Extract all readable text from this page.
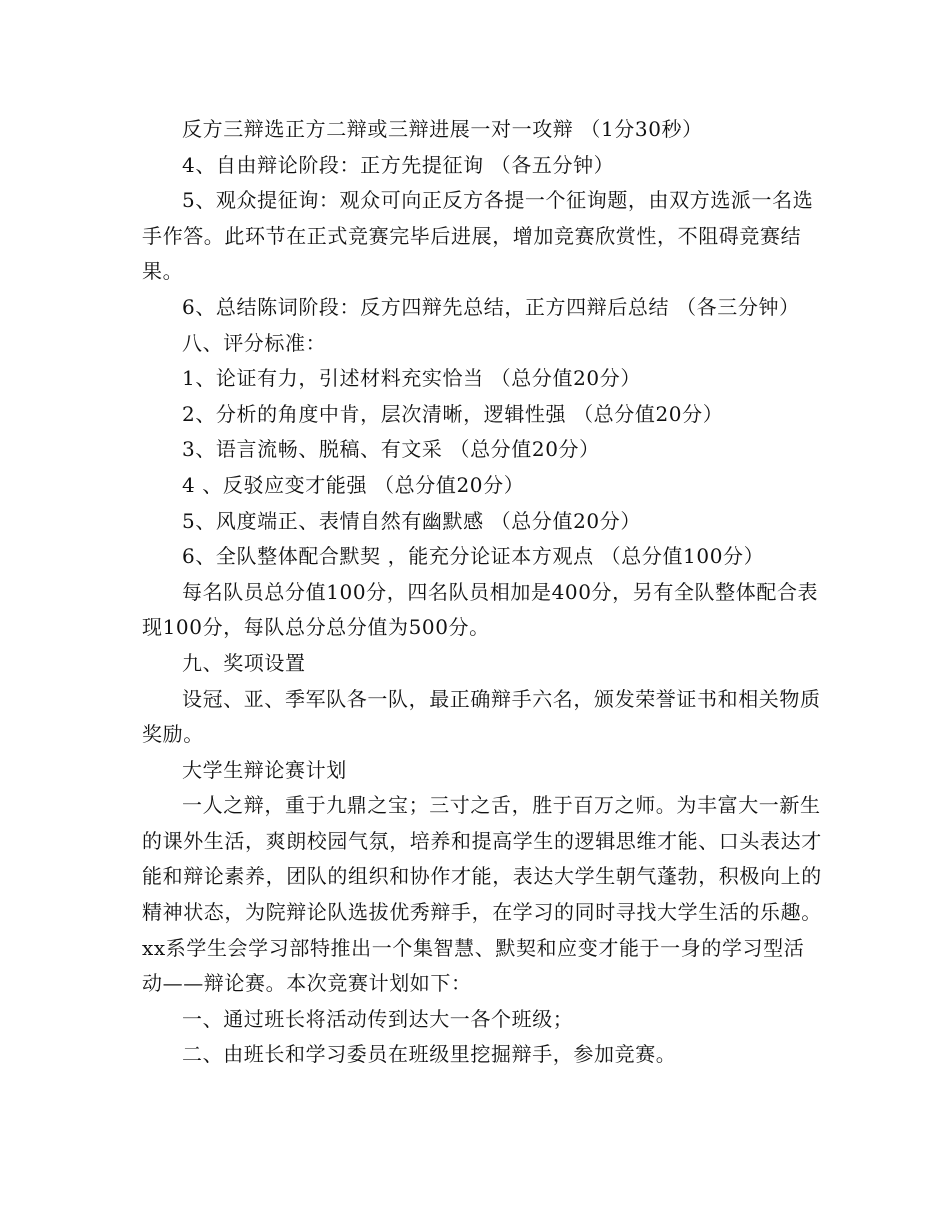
反方三辩选正方二辩或三辩进展一对一攻辩 （1分30秒）

4、自由辩论阶段：正方先提征询 （各五分钟）

5、观众提征询：观众可向正反方各提一个征询题，由双方选派一名选手作答。此环节在正式竞赛完毕后进展，增加竞赛欣赏性，不阻碍竞赛结果。

6、总结陈词阶段：反方四辩先总结，正方四辩后总结 （各三分钟）

八、评分标准：

1、论证有力，引述材料充实恰当 （总分值20分）

2、分析的角度中肯，层次清晰，逻辑性强 （总分值20分）

3、语言流畅、脱稿、有文采 （总分值20分）

4 、反驳应变才能强 （总分值20分）

5、风度端正、表情自然有幽默感 （总分值20分）

6、全队整体配合默契 ，能充分论证本方观点 （总分值100分）

每名队员总分值100分，四名队员相加是400分，另有全队整体配合表现100分，每队总分总分值为500分。

九、奖项设置

设冠、亚、季军队各一队，最正确辩手六名，颁发荣誉证书和相关物质奖励。

大学生辩论赛计划

一人之辩，重于九鼎之宝；三寸之舌，胜于百万之师。为丰富大一新生的课外生活，爽朗校园气氛，培养和提高学生的逻辑思维才能、口头表达才能和辩论素养，团队的组织和协作才能，表达大学生朝气蓬勃，积极向上的精神状态，为院辩论队选拔优秀辩手，在学习的同时寻找大学生活的乐趣。xx系学生会学习部特推出一个集智慧、默契和应变才能于一身的学习型活动——辩论赛。本次竞赛计划如下：

一、通过班长将活动传到达大一各个班级；

二、由班长和学习委员在班级里挖掘辩手，参加竞赛。
